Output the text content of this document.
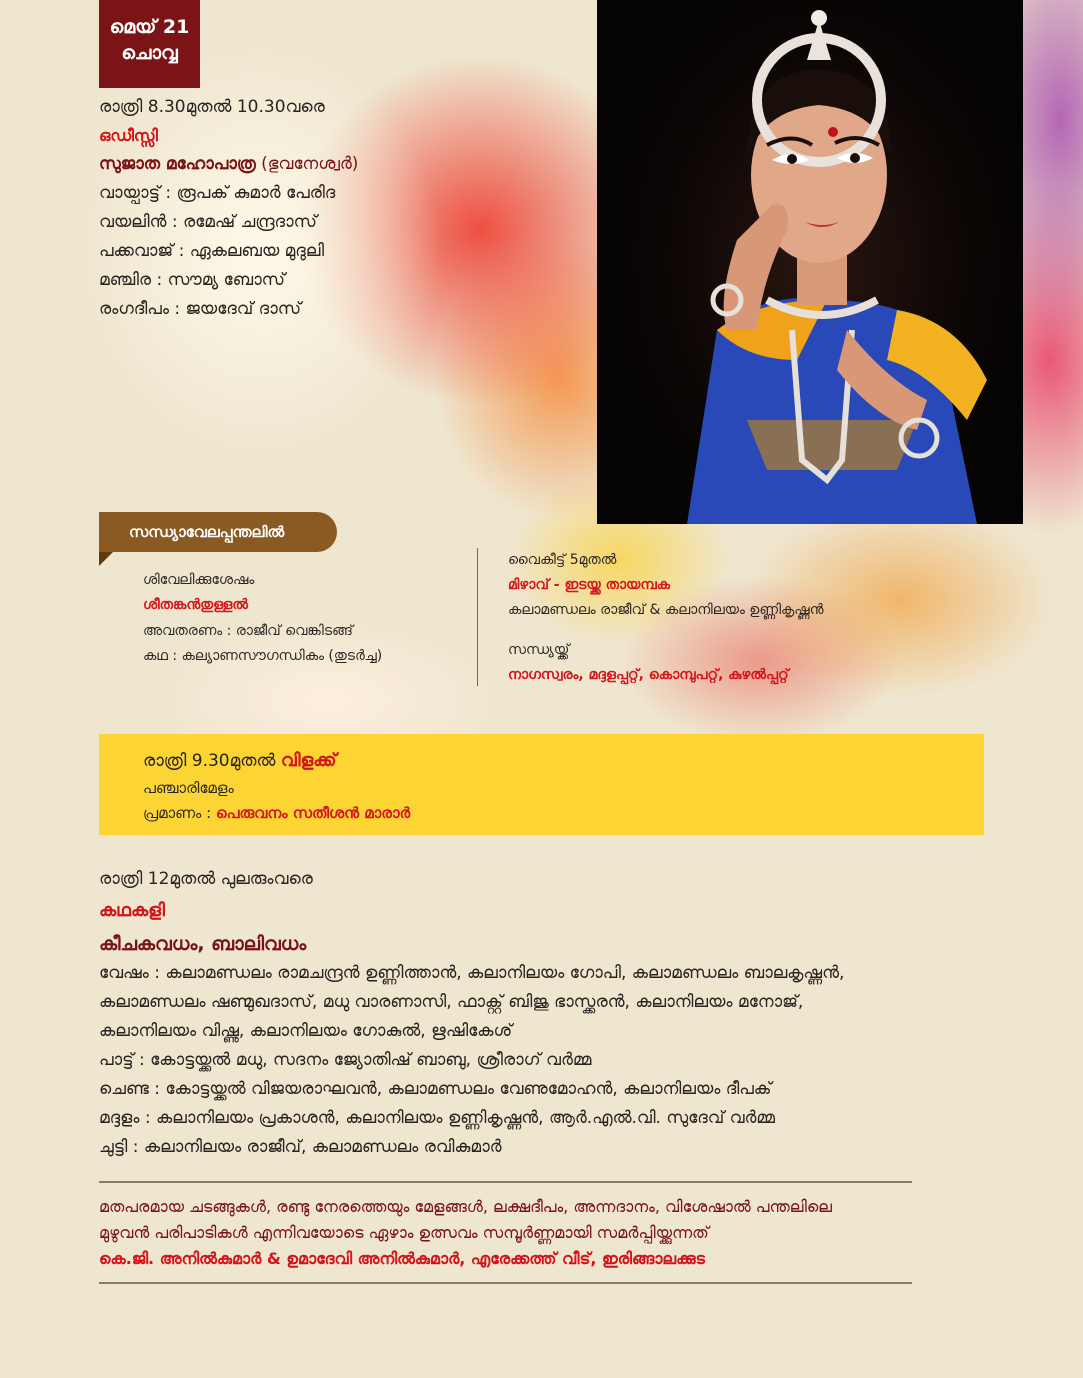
മെയ് 21
ചൊവ്വ
രാത്രി 8.30മുതൽ 10.30വരെ
ഒഡീസ്സി
സുജാത മഹോപാത്ര (ഭുവനേശ്വർ)
വായ്പാട്ട് : രൂപക് കുമാർ പേരിദ
വയലിൻ : രമേഷ് ചന്ദ്രദാസ്
പക്കവാജ് : ഏകലബയ മുദുലി
മഞ്ചിര : സൗമ്യ ബോസ്
രംഗദീപം : ജയദേവ് ദാസ്
സന്ധ്യാവേലപ്പന്തലിൽ
ശിവേലിക്കുശേഷം
ശീതങ്കൻതുള്ളൽ
അവതരണം : രാജീവ് വെങ്കിടങ്ങ്
കഥ : കല്യാണസൗഗന്ധികം (തുടർച്ച)
വൈകീട്ട് 5മുതൽ
മിഴാവ് - ഇടയ്ക്ക തായമ്പക
കലാമണ്ഡലം രാജീവ് & കലാനിലയം ഉണ്ണികൃഷ്ണൻ
സന്ധ്യയ്ക്ക്
നാഗസ്വരം, മദ്ദളപ്പറ്റ്, കൊമ്പുപറ്റ്, കുഴൽപ്പറ്റ്
രാത്രി 9.30മുതൽ വിളക്ക്
പഞ്ചാരിമേളം
പ്രമാണം : പെരുവനം സതീശൻ മാരാർ
രാത്രി 12മുതൽ പുലരുംവരെ
കഥകളി
കീചകവധം, ബാലിവധം
വേഷം : കലാമണ്ഡലം രാമചന്ദ്രൻ ഉണ്ണിത്താൻ, കലാനിലയം ഗോപി, കലാമണ്ഡലം ബാലകൃഷ്ണൻ,
കലാമണ്ഡലം ഷണ്മുഖദാസ്, മധു വാരണാസി, ഫാക്റ്റ് ബിജു ഭാസ്ക്കരൻ, കലാനിലയം മനോജ്,
കലാനിലയം വിഷ്ണു, കലാനിലയം ഗോകുൽ, ഋഷികേശ്
പാട്ട് : കോട്ടയ്ക്കൽ മധു, സദനം ജ്യോതിഷ് ബാബു, ശ്രീരാഗ് വർമ്മ
ചെണ്ട : കോട്ടയ്ക്കൽ വിജയരാഘവൻ, കലാമണ്ഡലം വേണുമോഹൻ, കലാനിലയം ദീപക്
മദ്ദളം : കലാനിലയം പ്രകാശൻ, കലാനിലയം ഉണ്ണികൃഷ്ണൻ, ആർ.എൽ.വി. സുദേവ് വർമ്മ
ചുട്ടി : കലാനിലയം രാജീവ്, കലാമണ്ഡലം രവികുമാർ
മതപരമായ ചടങ്ങുകൾ, രണ്ടു നേരത്തെയും മേളങ്ങൾ, ലക്ഷദീപം, അന്നദാനം, വിശേഷാൽ പന്തലിലെ
മുഴുവൻ പരിപാടികൾ എന്നിവയോടെ ഏഴാം ഉത്സവം സമ്പൂർണ്ണമായി സമർപ്പിയ്ക്കുന്നത്
കെ.ജി. അനിൽകുമാർ & ഉമാദേവി അനിൽകുമാർ, എരേക്കത്ത് വീട്, ഇരിങ്ങാലക്കുട
